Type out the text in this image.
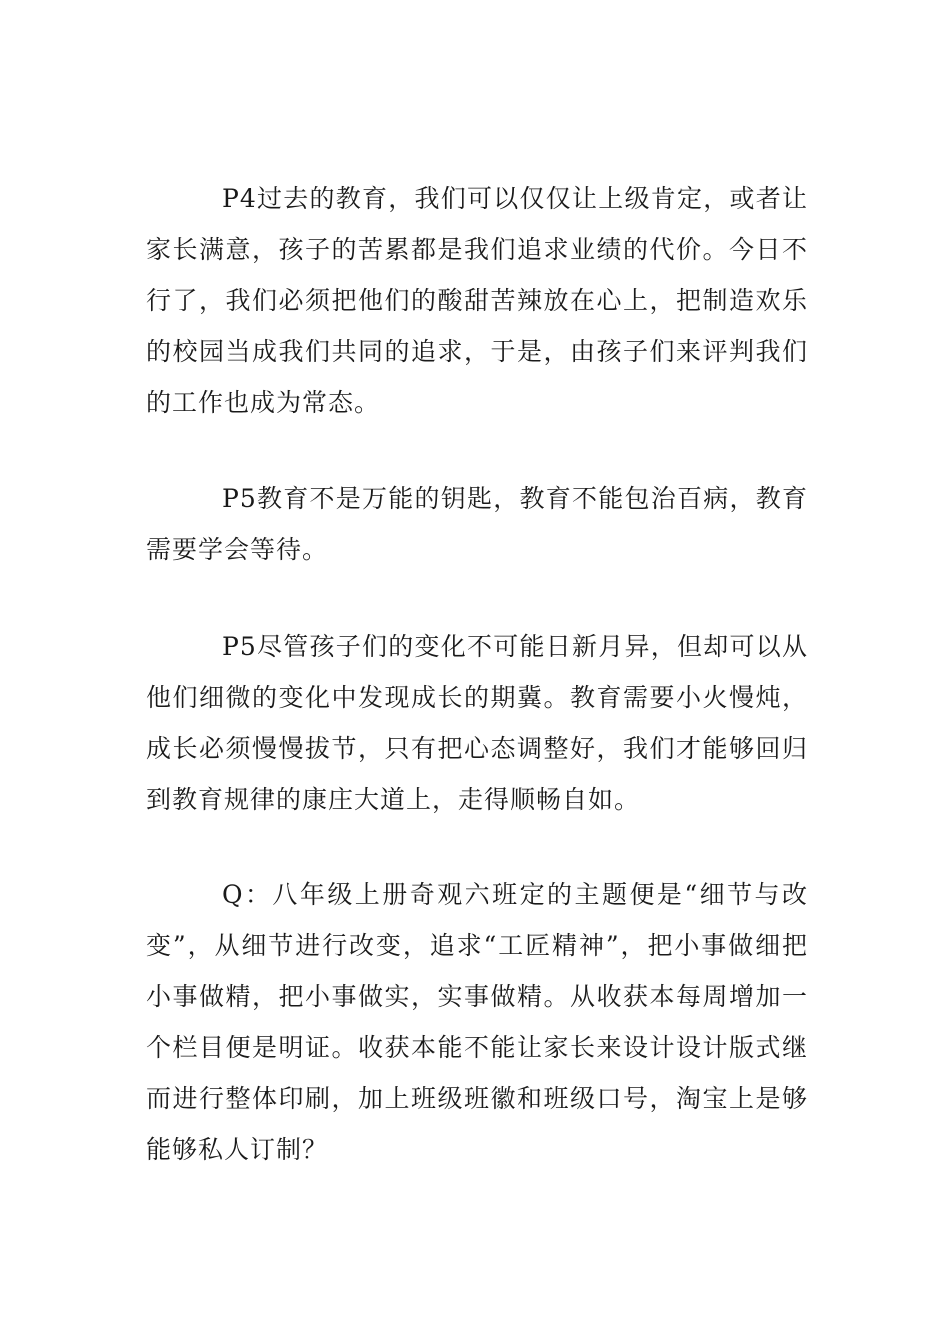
P4过去的教育，我们可以仅仅让上级肯定，或者让家长满意，孩子的苦累都是我们追求业绩的代价。今日不行了，我们必须把他们的酸甜苦辣放在心上，把制造欢乐的校园当成我们共同的追求，于是，由孩子们来评判我们的工作也成为常态。

P5教育不是万能的钥匙，教育不能包治百病，教育需要学会等待。

P5尽管孩子们的变化不可能日新月异，但却可以从他们细微的变化中发现成长的期冀。教育需要小火慢炖，成长必须慢慢拔节，只有把心态调整好，我们才能够回归到教育规律的康庄大道上，走得顺畅自如。

Q：八年级上册奇观六班定的主题便是“细节与改变”，从细节进行改变，追求“工匠精神”，把小事做细把小事做精，把小事做实，实事做精。从收获本每周增加一个栏目便是明证。收获本能不能让家长来设计设计版式继而进行整体印刷，加上班级班徽和班级口号，淘宝上是够能够私人订制？
